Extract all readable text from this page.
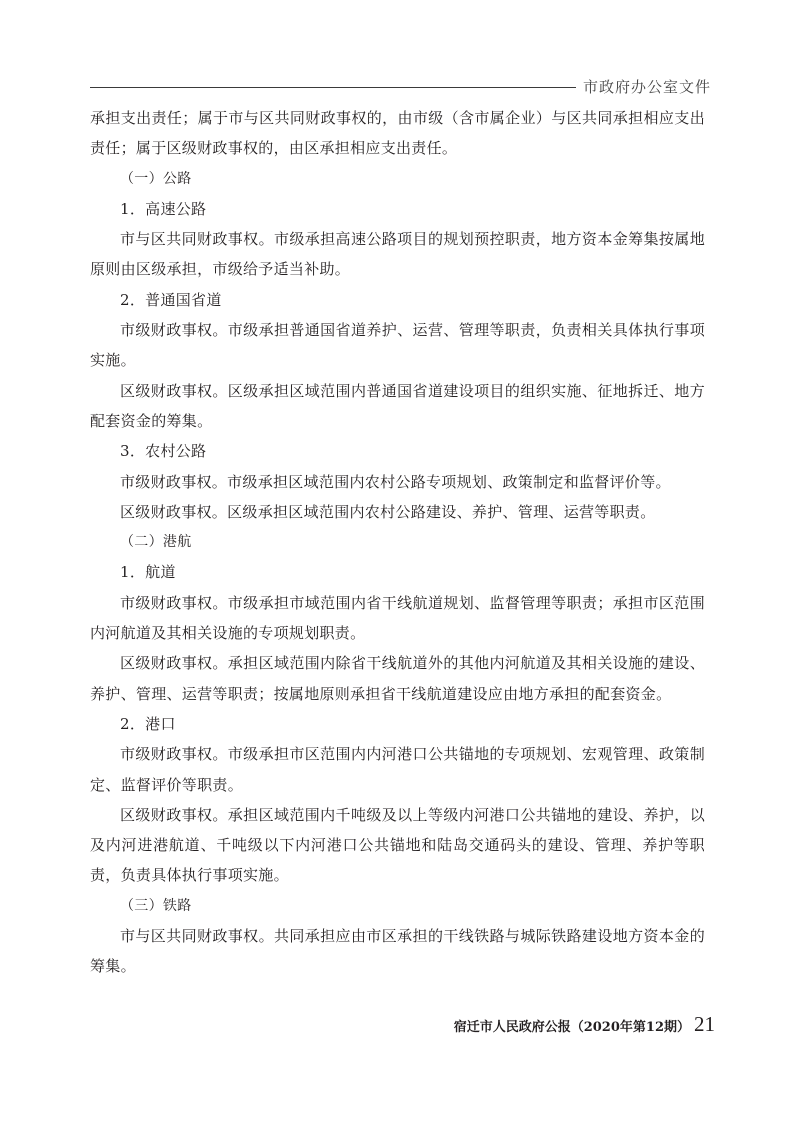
市政府办公室文件

承担支出责任；属于市与区共同财政事权的，由市级（含市属企业）与区共同承担相应支出责任；属于区级财政事权的，由区承担相应支出责任。

（一）公路

1．高速公路

市与区共同财政事权。市级承担高速公路项目的规划预控职责，地方资本金筹集按属地原则由区级承担，市级给予适当补助。

2．普通国省道

市级财政事权。市级承担普通国省道养护、运营、管理等职责，负责相关具体执行事项实施。

区级财政事权。区级承担区域范围内普通国省道建设项目的组织实施、征地拆迁、地方配套资金的筹集。

3．农村公路

市级财政事权。市级承担区域范围内农村公路专项规划、政策制定和监督评价等。

区级财政事权。区级承担区域范围内农村公路建设、养护、管理、运营等职责。

（二）港航

1．航道

市级财政事权。市级承担市域范围内省干线航道规划、监督管理等职责；承担市区范围内河航道及其相关设施的专项规划职责。

区级财政事权。承担区域范围内除省干线航道外的其他内河航道及其相关设施的建设、养护、管理、运营等职责；按属地原则承担省干线航道建设应由地方承担的配套资金。

2．港口

市级财政事权。市级承担市区范围内内河港口公共锚地的专项规划、宏观管理、政策制定、监督评价等职责。

区级财政事权。承担区域范围内千吨级及以上等级内河港口公共锚地的建设、养护，以及内河进港航道、千吨级以下内河港口公共锚地和陆岛交通码头的建设、管理、养护等职责，负责具体执行事项实施。

（三）铁路

市与区共同财政事权。共同承担应由市区承担的干线铁路与城际铁路建设地方资本金的筹集。

宿迁市人民政府公报（2020年第12期） 21
